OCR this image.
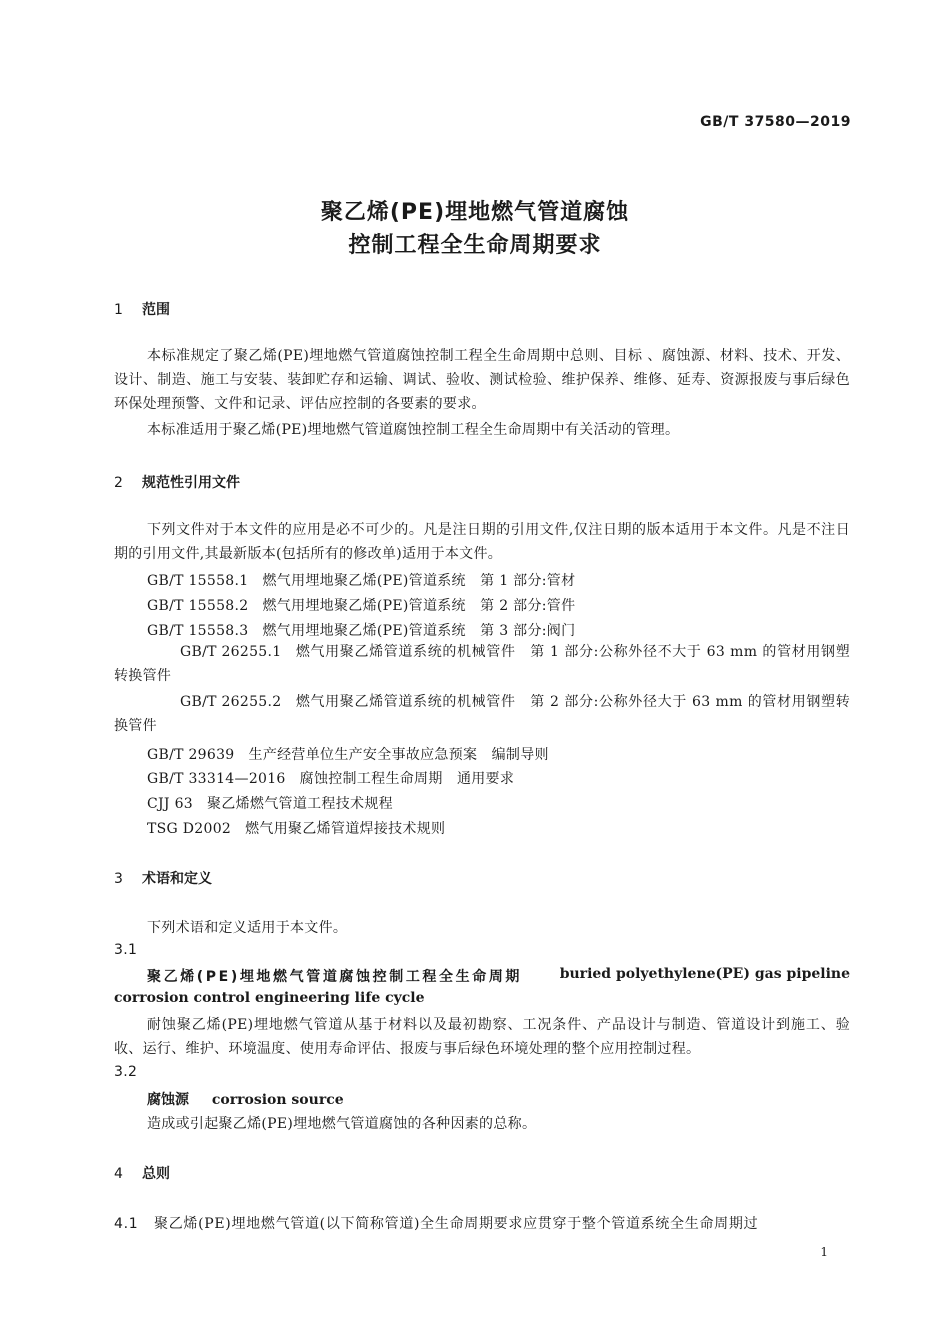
GB/T 37580—2019
聚乙烯(PE)埋地燃气管道腐蚀
控制工程全生命周期要求
1 范围
本标准规定了聚乙烯(PE)埋地燃气管道腐蚀控制工程全生命周期中总则、目标 、腐蚀源、材料、技术、开发、设计、制造、施工与安装、装卸贮存和运输、调试、验收、测试检验、维护保养、维修、延寿、资源报废与事后绿色环保处理预警、文件和记录、评估应控制的各要素的要求。
本标准适用于聚乙烯(PE)埋地燃气管道腐蚀控制工程全生命周期中有关活动的管理。
2 规范性引用文件
下列文件对于本文件的应用是必不可少的。凡是注日期的引用文件,仅注日期的版本适用于本文件。凡是不注日期的引用文件,其最新版本(包括所有的修改单)适用于本文件。
GB/T 15558.1 燃气用埋地聚乙烯(PE)管道系统　第 1 部分:管材
GB/T 15558.2 燃气用埋地聚乙烯(PE)管道系统　第 2 部分:管件
GB/T 15558.3 燃气用埋地聚乙烯(PE)管道系统　第 3 部分:阀门
GB/T 26255.1 燃气用聚乙烯管道系统的机械管件　第 1 部分:公称外径不大于 63 mm 的管材用钢塑转换管件
GB/T 26255.2 燃气用聚乙烯管道系统的机械管件　第 2 部分:公称外径大于 63 mm 的管材用钢塑转换管件
GB/T 29639 生产经营单位生产安全事故应急预案　编制导则
GB/T 33314—2016 腐蚀控制工程生命周期　通用要求
CJJ 63 聚乙烯燃气管道工程技术规程
TSG D2002 燃气用聚乙烯管道焊接技术规则
3 术语和定义
下列术语和定义适用于本文件。
3.1
聚乙烯(PE)埋地燃气管道腐蚀控制工程全生命周期	buried polyethylene(PE) gas pipeline
corrosion control engineering life cycle
耐蚀聚乙烯(PE)埋地燃气管道从基于材料以及最初勘察、工况条件、产品设计与制造、管道设计到施工、验收、运行、维护、环境温度、使用寿命评估、报废与事后绿色环境处理的整个应用控制过程。
3.2
腐蚀源 corrosion source
造成或引起聚乙烯(PE)埋地燃气管道腐蚀的各种因素的总称。
4 总则
4.1 聚乙烯(PE)埋地燃气管道(以下简称管道)全生命周期要求应贯穿于整个管道系统全生命周期过
1
